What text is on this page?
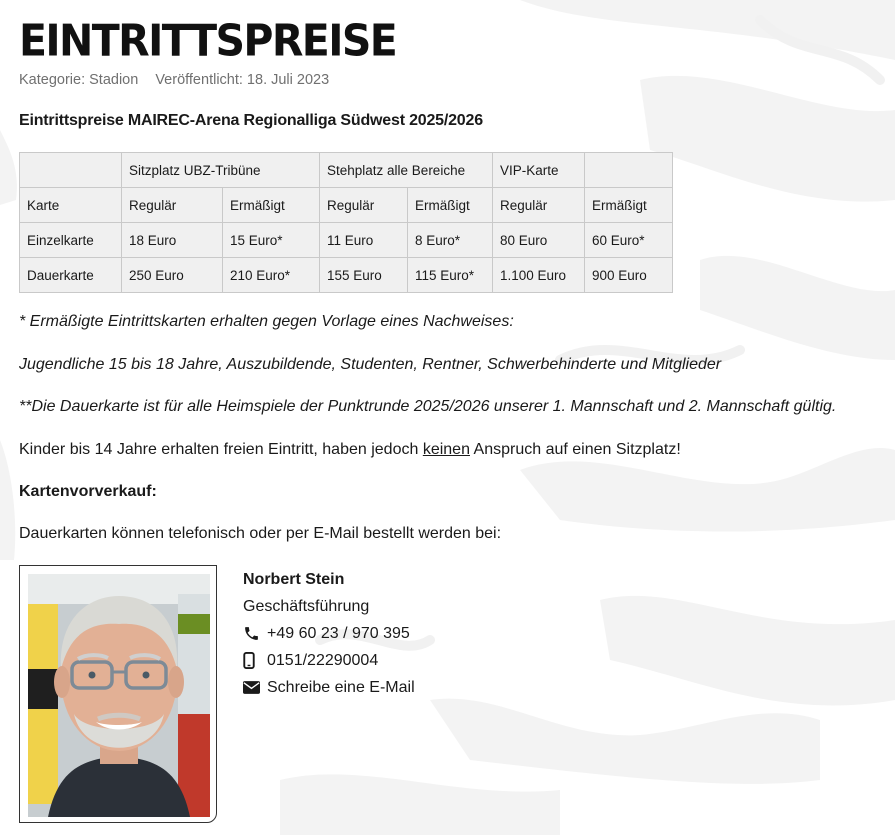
EINTRITTSPREISE
Kategorie: Stadion Veröffentlicht: 18. Juli 2023
Eintrittspreise MAIREC-Arena Regionalliga Südwest 2025/2026
	Sitzplatz UBZ-Tribüne		Stehplatz alle Bereiche		VIP-Karte	
Karte	Regulär	Ermäßigt	Regulär	Ermäßigt	Regulär	Ermäßigt
Einzelkarte	18 Euro	15 Euro*	11 Euro	8 Euro*	80 Euro	60 Euro*
Dauerkarte	250 Euro	210 Euro*	155 Euro	115 Euro*	1.100 Euro	900 Euro
* Ermäßigte Eintrittskarten erhalten gegen Vorlage eines Nachweises:
Jugendliche 15 bis 18 Jahre, Auszubildende, Studenten, Rentner, Schwerbehinderte und Mitglieder
**Die Dauerkarte ist für alle Heimspiele der Punktrunde 2025/2026 unserer 1. Mannschaft und 2. Mannschaft gültig.
Kinder bis 14 Jahre erhalten freien Eintritt, haben jedoch keinen Anspruch auf einen Sitzplatz!
Kartenvorverkauf:
Dauerkarten können telefonisch oder per E-Mail bestellt werden bei:
Norbert Stein
Geschäftsführung
+49 60 23 / 970 395
0151/22290004
Schreibe eine E-Mail
